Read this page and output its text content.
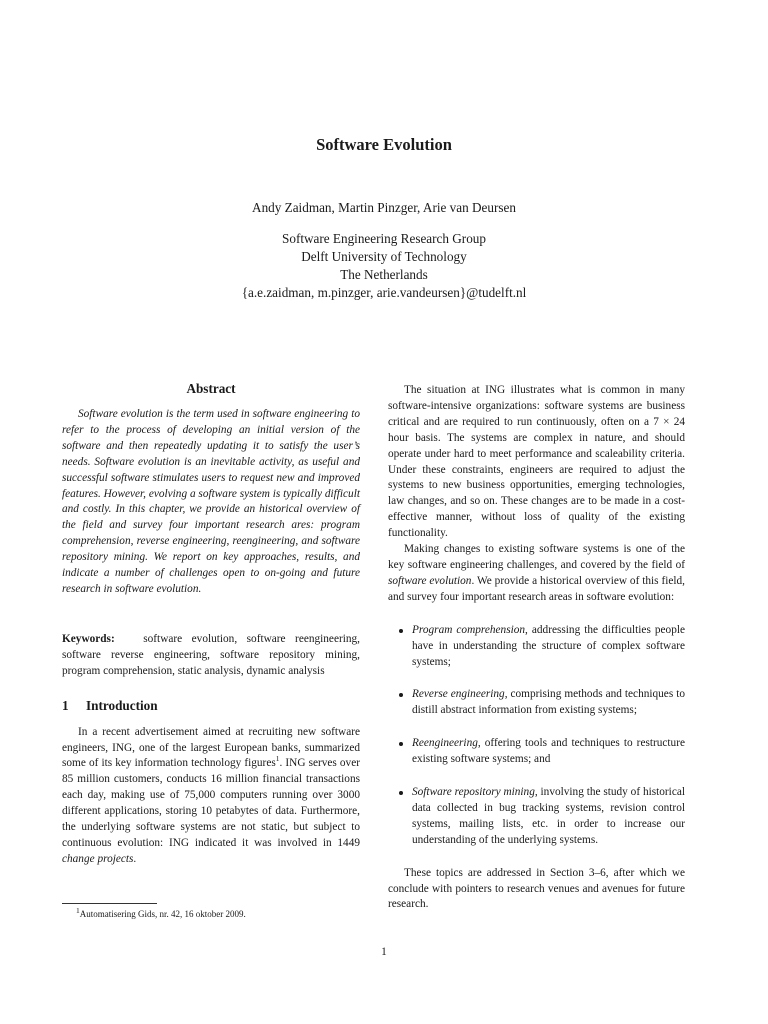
Software Evolution
Andy Zaidman, Martin Pinzger, Arie van Deursen
Software Engineering Research Group
Delft University of Technology
The Netherlands
{a.e.zaidman, m.pinzger, arie.vandeursen}@tudelft.nl
Abstract

Software evolution is the term used in software engineering to refer to the process of developing an initial version of the software and then repeatedly updating it to satisfy the user’s needs. Software evolution is an inevitable activity, as useful and successful software stimulates users to request new and improved features. However, evolving a software system is typically difficult and costly. In this chapter, we provide an historical overview of the field and survey four important research ares: program comprehension, reverse engineering, reengineering, and software repository mining. We report on key approaches, results, and indicate a number of challenges open to on-going and future research in software evolution.

Keywords:	software evolution, software reengineering, software reverse engineering, software repository mining, program comprehension, static analysis, dynamic analysis

1 Introduction

In a recent advertisement aimed at recruiting new software engineers, ING, one of the largest European banks, summarized some of its key information technology figures$^1$. ING serves over 85 million customers, conducts 16 million financial transactions each day, making use of 75,000 computers running over 3000 different applications, storing 10 petabytes of data. Furthermore, the underlying software systems are not static, but subject to continuous evolution: ING indicated it was involved in 1449 change projects.

$^1$Automatisering Gids, nr. 42, 16 oktober 2009.

The situation at ING illustrates what is common in many software-intensive organizations: software systems are business critical and are required to run continuously, often on a 7 × 24 hour basis. The systems are complex in nature, and should operate under hard to meet performance and scaleability criteria. Under these constraints, engineers are required to adjust the systems to new business opportunities, emerging technologies, law changes, and so on. These changes are to be made in a cost-effective manner, without loss of quality of the existing functionality.

Making changes to existing software systems is one of the key software engineering challenges, and covered by the field of software evolution. We provide a historical overview of this field, and survey four important research areas in software evolution:

Program comprehension, addressing the difficulties people have in understanding the structure of complex software systems;
Reverse engineering, comprising methods and techniques to distill abstract information from existing systems;
Reengineering, offering tools and techniques to restructure existing software systems; and
Software repository mining, involving the study of historical data collected in bug tracking systems, revision control systems, mailing lists, etc. in order to increase our understanding of the underlying systems.

These topics are addressed in Section 3–6, after which we conclude with pointers to research venues and avenues for future research.

1
